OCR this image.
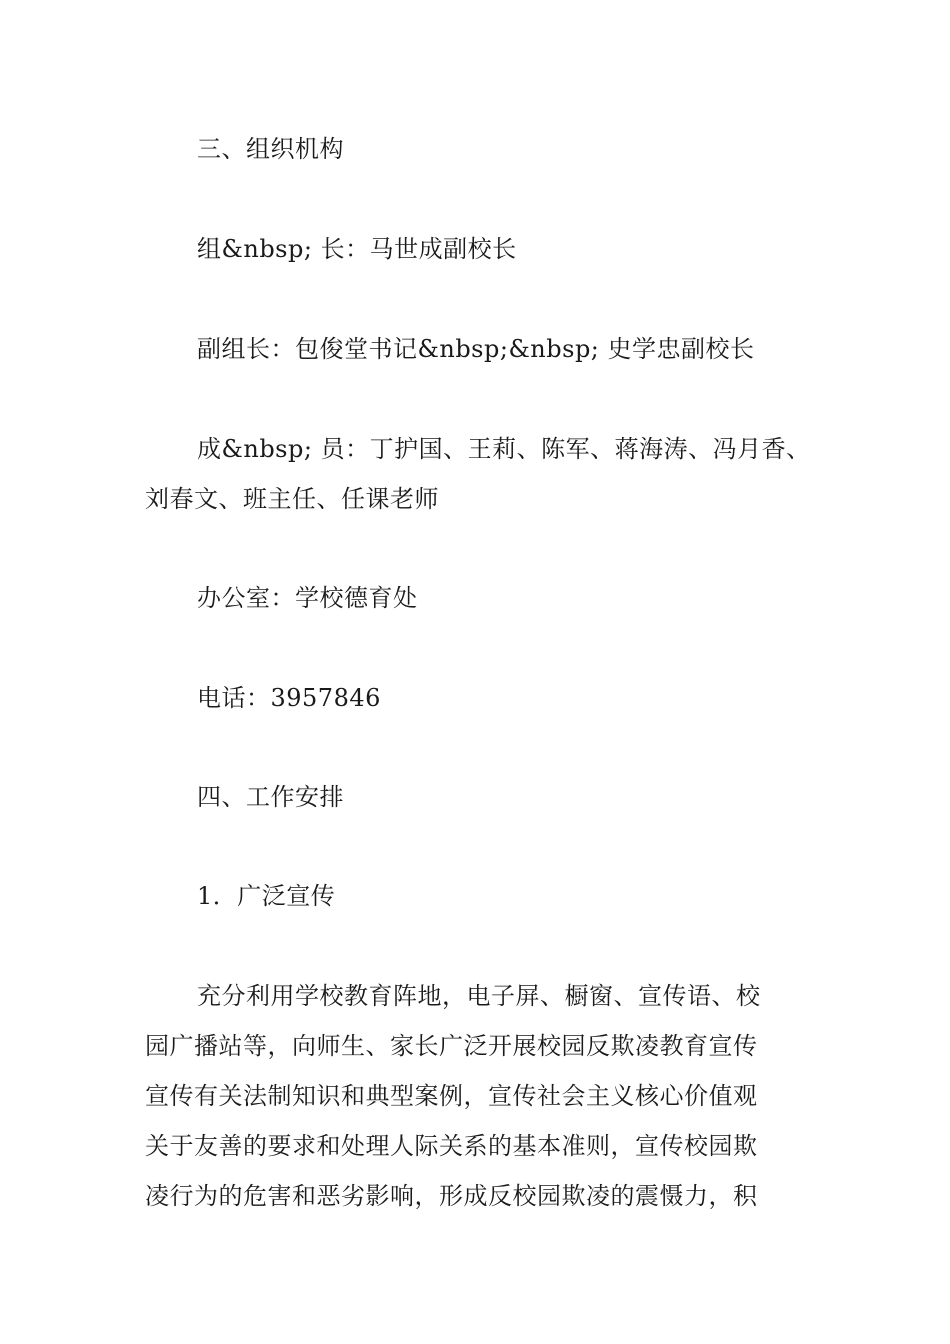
三、组织机构
组&nbsp; 长：马世成副校长
副组长：包俊堂书记&nbsp;&nbsp; 史学忠副校长
成&nbsp; 员：丁护国、王莉、陈军、蒋海涛、冯月香、
刘春文、班主任、任课老师
办公室：学校德育处
电话：3957846
四、工作安排
1．广泛宣传
充分利用学校教育阵地，电子屏、橱窗、宣传语、校
园广播站等，向师生、家长广泛开展校园反欺凌教育宣传
宣传有关法制知识和典型案例，宣传社会主义核心价值观
关于友善的要求和处理人际关系的基本准则，宣传校园欺
凌行为的危害和恶劣影响，形成反校园欺凌的震慑力，积
